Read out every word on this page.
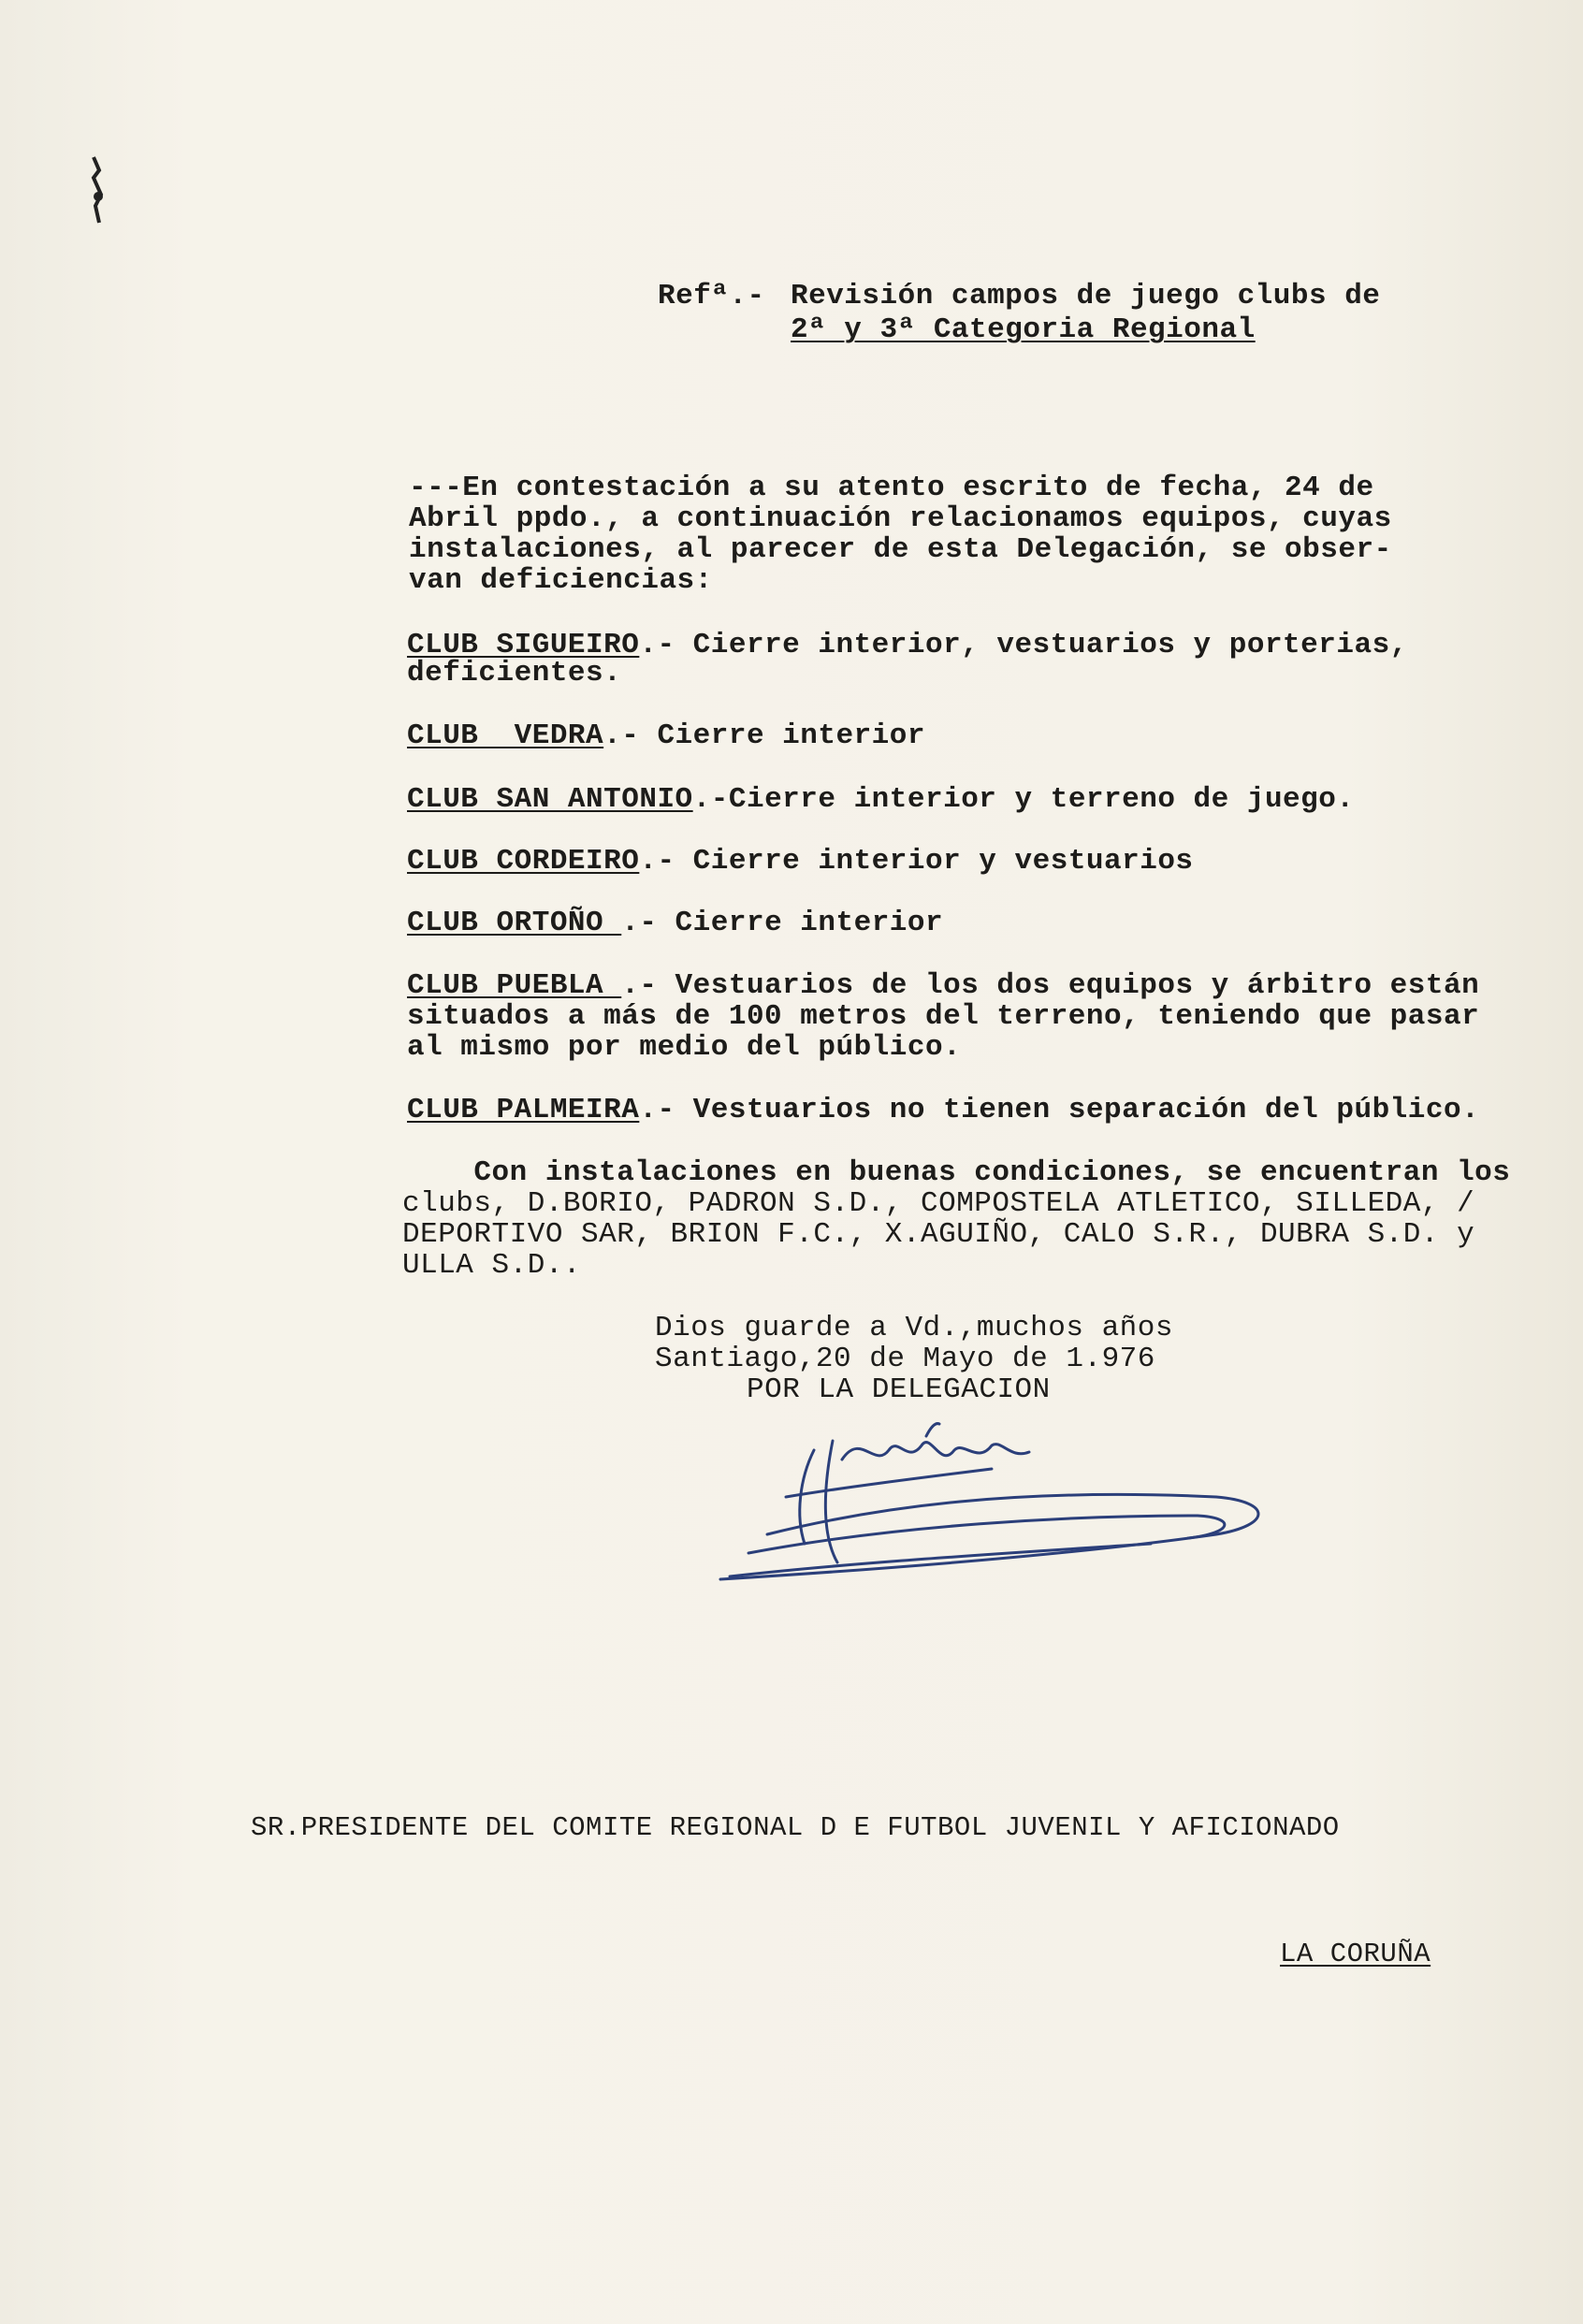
Refª.- Revisión campos de juego clubs de
2ª y 3ª Categoria Regional
---En contestación a su atento escrito de fecha, 24 de
Abril ppdo., a continuación relacionamos equipos, cuyas
instalaciones, al parecer de esta Delegación, se obser-
van deficiencias:
CLUB SIGUEIRO.- Cierre interior, vestuarios y porterias,
deficientes.
CLUB  VEDRA.- Cierre interior
CLUB SAN ANTONIO.-Cierre interior y terreno de juego.
CLUB CORDEIRO.- Cierre interior y vestuarios
CLUB ORTOÑO .- Cierre interior
CLUB PUEBLA .- Vestuarios de los dos equipos y árbitro están
situados a más de 100 metros del terreno, teniendo que pasar
al mismo por medio del público.
CLUB PALMEIRA.- Vestuarios no tienen separación del público.
Con instalaciones en buenas condiciones, se encuentran los
clubs, D.BORIO, PADRON S.D., COMPOSTELA ATLETICO, SILLEDA, /
DEPORTIVO SAR, BRION F.C., X.AGUIÑO, CALO S.R., DUBRA S.D. y
ULLA S.D..
Dios guarde a Vd.,muchos años
Santiago,20 de Mayo de 1.976
POR LA DELEGACION
SR.PRESIDENTE DEL COMITE REGIONAL D E FUTBOL JUVENIL Y AFICIONADO
LA CORUÑA
